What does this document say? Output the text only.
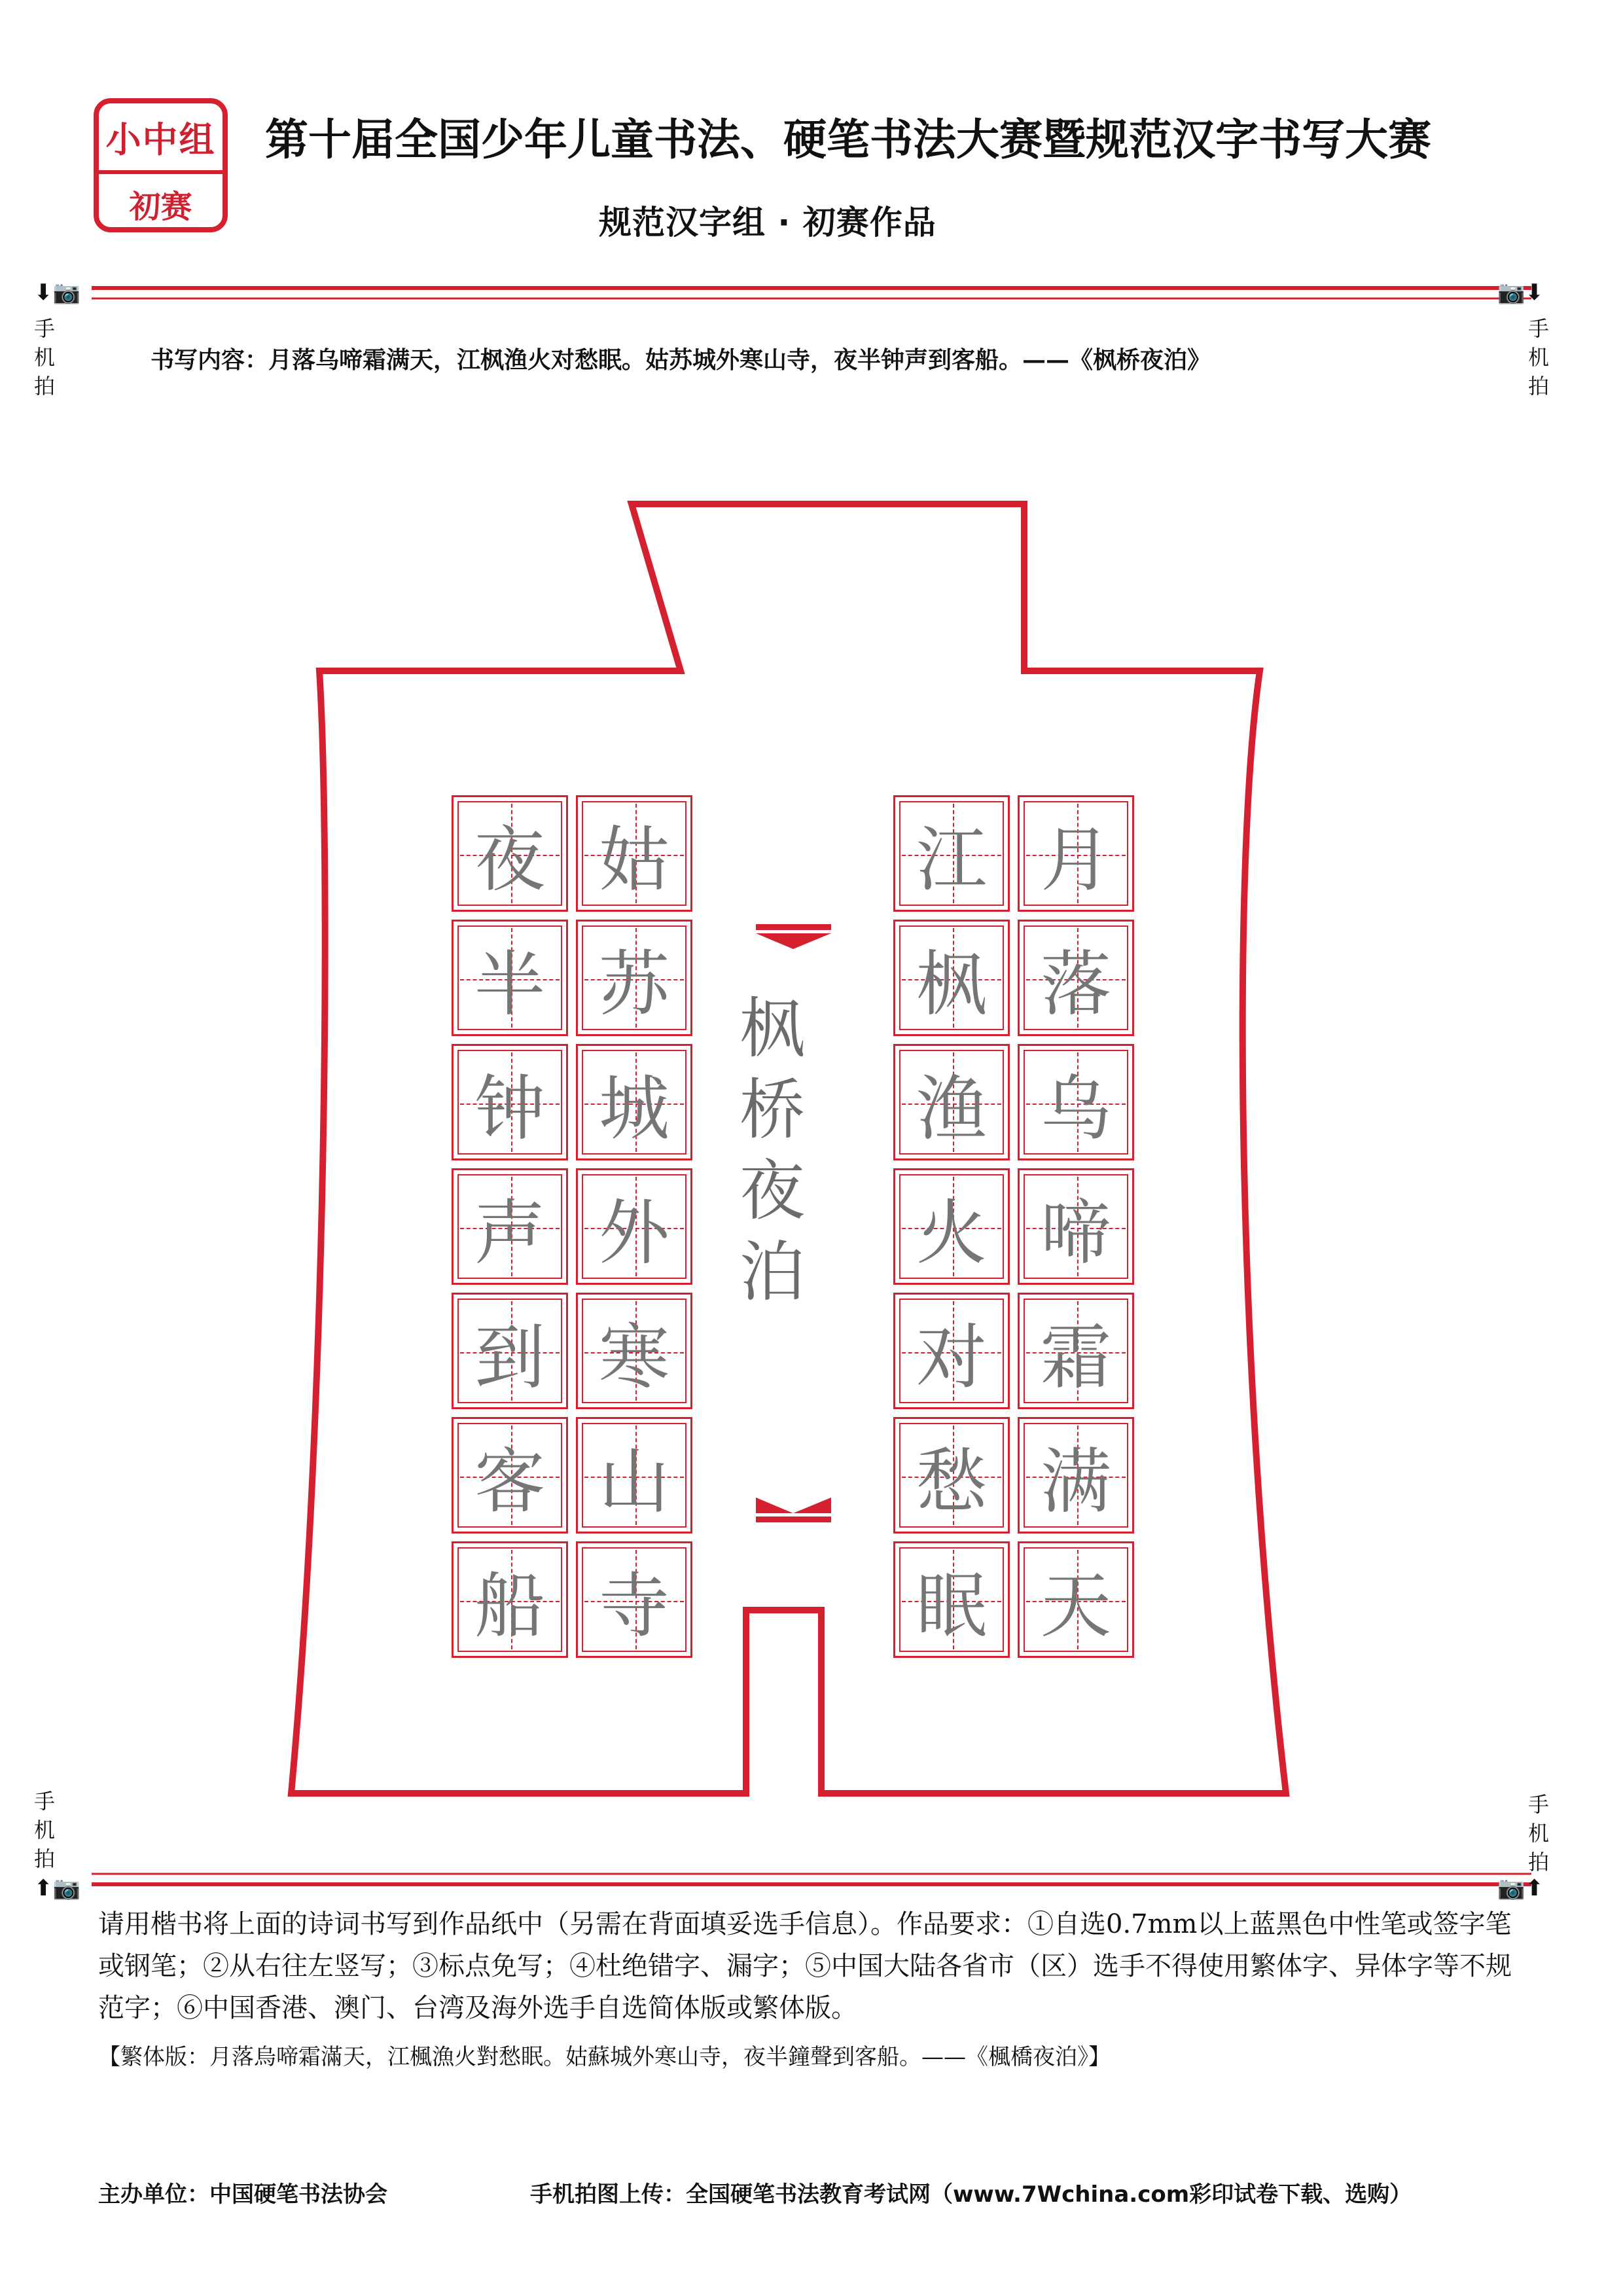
小中组
初赛
第十届全国少年儿童书法、硬笔书法大赛暨规范汉字书写大赛
规范汉字组 · 初赛作品
⬇📷	📷⬇
手机拍
手机拍
书写内容：月落乌啼霜满天，江枫渔火对愁眠。姑苏城外寒山寺，夜半钟声到客船。——《枫桥夜泊》
枫
桥
夜
泊
夜
半
钟
声
到
客
船
姑
苏
城
外
寒
山
寺
江
枫
渔
火
对
愁
眠
月
落
乌
啼
霜
满
天
手机拍
手机拍
⬆📷	📷⬆
请用楷书将上面的诗词书写到作品纸中（另需在背面填妥选手信息）。作品要求：①自选0.7mm以上蓝黑色中性笔或签字笔或钢笔；②从右往左竖写；③标点免写；④杜绝错字、漏字；⑤中国大陆各省市（区）选手不得使用繁体字、异体字等不规范字；⑥中国香港、澳门、台湾及海外选手自选简体版或繁体版。
【繁体版：月落烏啼霜滿天，江楓漁火對愁眠。姑蘇城外寒山寺，夜半鐘聲到客船。——《楓橋夜泊》】
主办单位：中国硬笔书法协会	手机拍图上传：全国硬笔书法教育考试网（www.7Wchina.com彩印试卷下载、选购）
